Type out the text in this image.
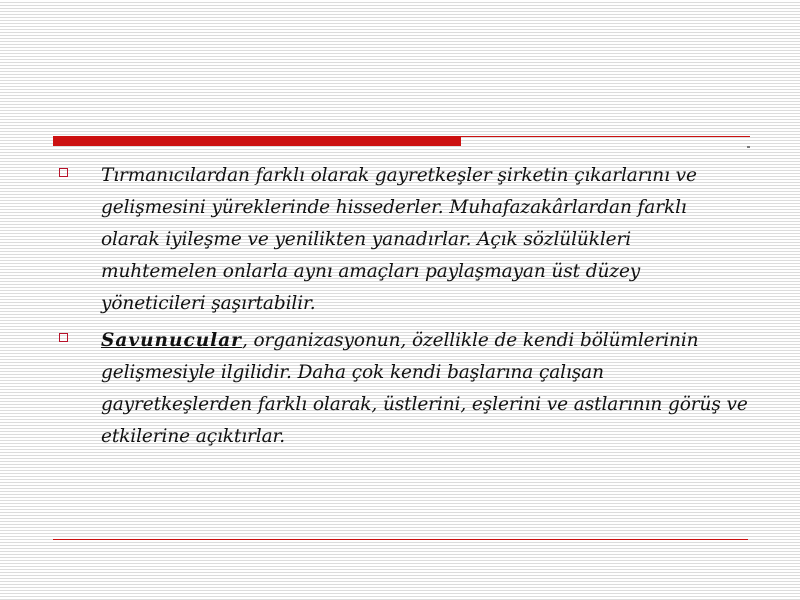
Tırmanıcılardan farklı olarak gayretkeşler şirketin çıkarlarını ve gelişmesini yüreklerinde hissederler. Muhafazakârlardan farklı olarak iyileşme ve yenilikten yanadırlar. Açık sözlülükleri muhtemelen onlarla aynı amaçları paylaşmayan üst düzey yöneticileri şaşırtabilir.
Savunucular, organizasyonun, özellikle de kendi bölümlerinin gelişmesiyle ilgilidir. Daha çok kendi başlarına çalışan gayretkeşlerden farklı olarak, üstlerini, eşlerini ve astlarının görüş ve etkilerine açıktırlar.
